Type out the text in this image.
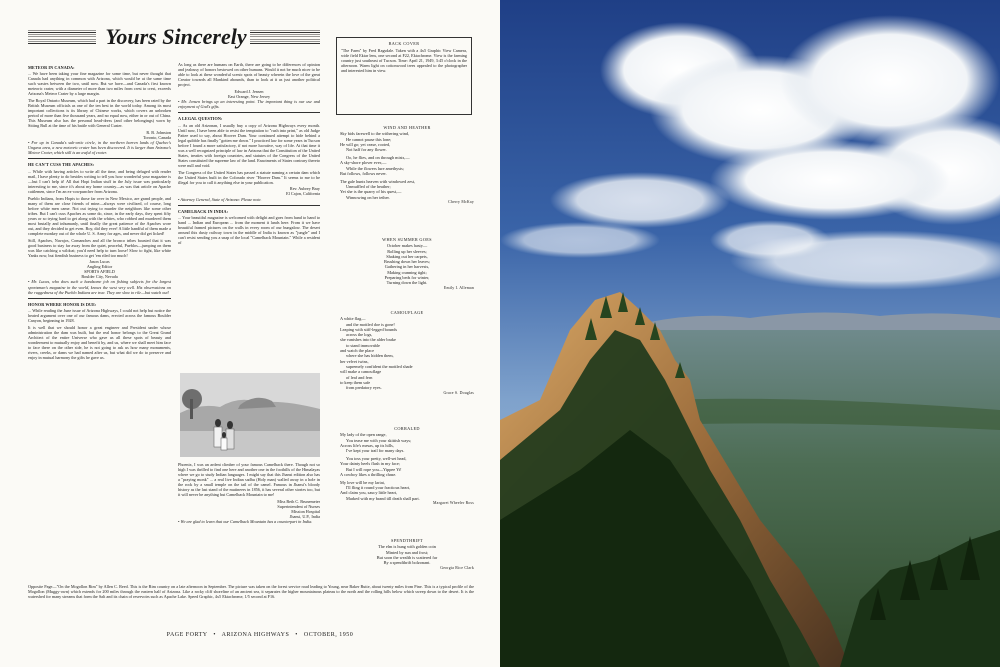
Yours Sincerely

METEOR IN CANADA:

... We have been taking your fine magazine for some time, but never thought that Canada had anything in common with Arizona, which would be at the same time such wastes between the two, until now. But we have—and Canada's first known meteoric crater, with a diameter of more than two miles from crest to crest, exceeds Arizona's Meteor Crater by a large margin.

The Royal Ontario Museum, which had a part in the discovery, has been rated by the British Museum officials as one of the ten best in the world today. Among its most important collections is its library of Chinese works, which covers an unbroken period of more than five thousand years, and no equal now, either in or out of China. This Museum also has the personal head-dress (and other belongings) worn by Sitting Bull at the time of his battle with General Custer.

R. B. Johnston

Toronto, Canada

• For up in Canada's sub-artic circle, in the northern barren lands of Quebec's Ungava area, a new meteoric crater has been discovered. It is larger than Arizona's Meteor Crater, which still is an awful of crater.

HE CAN'T CUSS THE APACHES:

... While with having articles to write all the time, and being deluged with reader mail, I have plenty to do besides writing to tell you how wonderful your magazine is—but I can't help it! All that Hopi Indian stuff in the July issue was particularly interesting to me, since it's about my home country—as was that article on Apache cattlemen, since I'm an ex-cowpuncher from Arizona.

Pueblo Indians, from Hopis to those far over in New Mexico, are grand people, and many of them are close friends of mine—always were civilized, of course, long before white men came. Not out trying to murder the neighbors like some other tribes. But I can't cuss Apaches as some do, since, in the early days, they spent fifty years or so trying hard to get along with the whites, who robbed and murdered them most brutally and inhumanly, until finally the great patience of the Apaches wore out, and they decided to get even. Boy, did they ever! A little handful of them made a complete monkey out of the whole U. S. Army for ages, and never did get licked!

Still, Apaches, Navajos, Comanches and all the bronco tribes boasted that it was good business to stay far away from the quiet, peaceful, Pueblos—jumping on them was like catching a wildcat; you'd need help to turn loose! Slow to fight, like white Yanks now, but fiendish business to get 'em riled too much!

Jason Lucas

Angling Editor

SPORTS AFIELD

Boulder City, Nevada

• Mr. Lucas, who does such a handsome job on fishing subjects for the largest sportsman's magazine in the world, knows the west very well. His observations on the ruggedness of the Pueblo Indians are true. They are slow to rile—but watch out!

HONOR WHERE HONOR IS DUE:

... While reading the June issue of Arizona Highways, I could not help but notice the heated argument over one of our famous dams, erected across the famous Boulder Canyon, beginning in 1928.

It is well that we should honor a great engineer and President under whose administration the dam was built, but the real honor belongs to the Great Grand Architect of the entire Universe who gave us all these spots of beauty and wonderment to mutually enjoy and benefit by, and us, where we shall meet him face to face there on the other side, he is not going to ask us how many monuments, rivers, creeks, or dams we had named after us, but what did we do to preserve and enjoy in mutual harmony the gifts he gave us.

As long as there are humans on Earth, there are going to be differences of opinion and jealousy of honors bestowed on other humans. Would it not be much nicer to be able to look at these wonderful scenic spots of beauty wherein the love of the great Creator towards all Mankind abounds, than to look at it as just another political project.

Edward J. Jensen

East Orange, New Jersey

• Mr. Jensen brings up an interesting point. The important thing is our use and enjoyment of God's gifts.

A LEGAL QUESTION:

... As an old Arizonan, I usually buy a copy of Arizona Highways every month. Until now, I have been able to resist the temptation to "rush into print," as old Judge Pattee used to say, about Hoover Dam. Your continued attempt to hide behind a legal quibble has finally "gotten me down." I practiced law for some years in Tucson before I found a more satisfactory, if not more lucrative, way of life. At that time it was a well recognized principle of law in Arizona that the Constitution of the United States, treaties with foreign countries, and statutes of the Congress of the United States constituted the supreme law of the land. Enactments of States contrary thereto were null and void.

The Congress of the United States has passed a statute naming a certain dam which the United States built in the Colorado river "Hoover Dam." It seems to me to be illegal for you to call it anything else in your publication.

Rev. Aubrey Bray

El Cajon, California

• Attorney General, State of Arizona: Please note.

CAMELBACK IN INDIA:

... Your beautiful magazine is welcomed with delight and goes from hand to hand to hand ... Indian and European ... from the moment it lands here. From it we have beautiful framed pictures on the walls in every room of our bungalow. The desert around this dusty railway town in the middle of India is known as "jungle" and I can't resist sending you a snap of the local "Camelback Mountain." While a resident of

Phoenix, I was an ardent climber of your famous Camelback there. Though not so high I was thrilled to find one here and another one in the foothills of the Himalayas where we go to study Indian languages. I might say that this Jhansi edition also has a "praying monk" ... a real live Indian sadhu (Holy man) walled away in a hole in the rock by a small temple on the tail of the camel. Famous in Jhansi's bloody history as the last stand of the mutineers in 1856, it has several other stories too, but it will never be anything but Camelback Mountain to me!

Miss Beth C. Brunemeier

Superintendent of Nurses

Mission Hospital

Jhansi, U.P., India

• We are glad to learn that our Camelback Mountain has a counterpart in India.

BACK COVER
"The Farm" by Fred Ragsdale. Taken with a 4x5 Graphic View Camera, wide field Ektar lens, one second at F22, Ektachrome. View is the farming country just southeast of Tucson. Time: April 21, 1949, 3:45 o'clock in the afternoon. Warm light on cottonwood trees appealed to the photographer and interested him in view.
WIND AND HEATHER
Sky bids farewell to the withering wind,
He cannot pause this lone;
He will go; yet cease, rooted,
Not half for any flower.

Oo, he flies, and on through mists,—
A sky-shore plover ever,—
While the flowers lure amethysts;
But follows, follows never.

The gale hunts heaven with windowed zest,
Unmuffled of the heather;
Yet she is the quarry of his quest,—
Winnowing on her tether.
Cherry McKay
WHEN SUMMER GOES
October makes hasty—
Rolling up her sleeves;
Shaking out her carpets,
Brushing down her leaves;
Gathering in her harvests,
Making cranning tight;
Preparing beds for winter,
Turning down the light.
Emily I. Alleman
CAMOUFLAGE
A white flag—
and the mottled doe is gone!
Leaping with stiff-legged bounds
across the logs,
she vanishes into the alder brake
to stand immovable
and watch the place
where she has hidden them,
her velvet twins,
supremely confident the mottled shade
will make a camouflage
of leaf and fern
to keep them safe
from predatory eyes.
Grace S. Douglas
CORRALED
My lady of the open range,
You tease me with your skittish ways;
Across life's mesas, up its hills,
I've kept your trail for many days.

You toss your pretty, well-set head,
Your dainty heels flash in my face;
But I will rope you—Yippee Yi!
A cowboy likes a thrilling chase.

My love will be my lariat,
I'll fling it round your fractious heart,
And claim you, saucy little heart,
Marked with my brand till death shall part.
Margaret Wheeler Ross
SPENDTHRIFT
The elm is hung with golden coin
Minted by sun and frost;
But soon the wealth is scattered far
By a spendthrift bolzonant.
Georgia Rice Clark
Opposite Page—"On the Mogollon Rim" by Allen C. Reed. This is the Rim country on a late afternoon in September. The picture was taken on the forest service road leading to Young, near Baker Butte, about twenty miles from Pine. This is a typical profile of the Mogollon (Muggy-own) which extends for 200 miles through the eastern half of Arizona. Like a rocky cliff shoreline of an ancient sea, it separates the higher mountainous plateau to the north and the rolling hills below which sweep down to the desert. It is the watershed for many streams that form the Salt and its chain of reservoirs such as Apache Lake. Speed Graphic, 4x5 Ektachrome, 1/5 second at F16.
PAGE FORTY • ARIZONA HIGHWAYS • OCTOBER, 1950
